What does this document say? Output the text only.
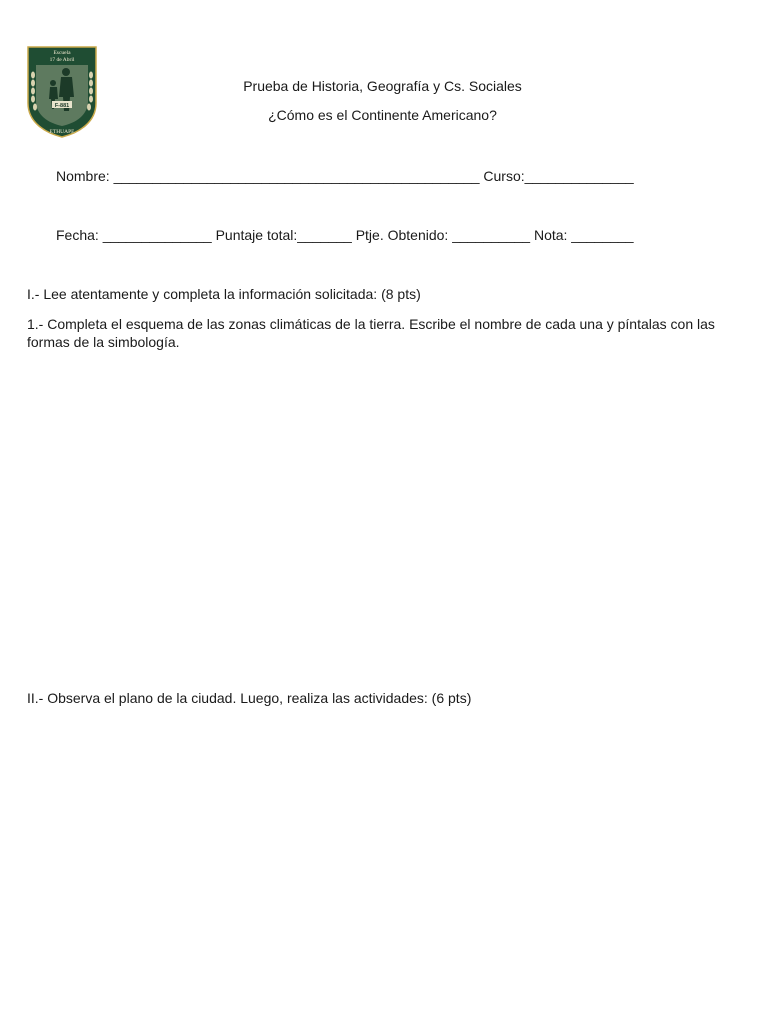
F-881
Escuela
17 de Abril
ETHUAPE
Prueba de Historia, Geografía y Cs. Sociales
¿Cómo es el Continente Americano?
Nombre: _______________________________________________ Curso:______________
Fecha: ______________ Puntaje total:_______ Ptje. Obtenido: __________ Nota: ________
I.- Lee atentamente y completa la información solicitada: (8 pts)
1.- Completa el esquema de las zonas climáticas de la tierra. Escribe el nombre de cada una y píntalas con las formas de la simbología.
II.- Observa el plano de la ciudad. Luego, realiza las actividades: (6 pts)
